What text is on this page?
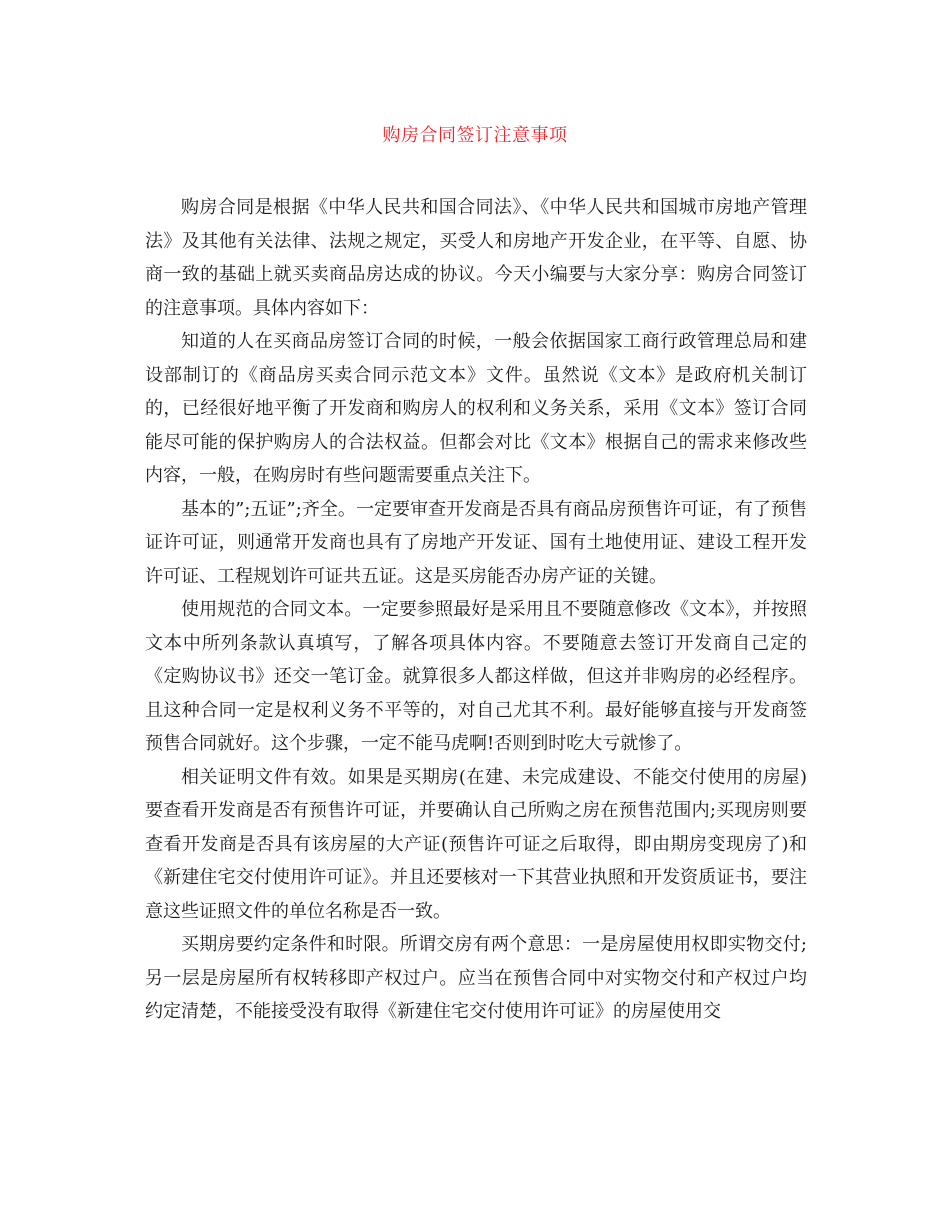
购房合同签订注意事项

购房合同是根据《中华人民共和国合同法》、《中华人民共和国城市房地产管理法》及其他有关法律、法规之规定，买受人和房地产开发企业，在平等、自愿、协商一致的基础上就买卖商品房达成的协议。今天小编要与大家分享：购房合同签订的注意事项。具体内容如下：

知道的人在买商品房签订合同的时候，一般会依据国家工商行政管理总局和建设部制订的《商品房买卖合同示范文本》文件。虽然说《文本》是政府机关制订的，已经很好地平衡了开发商和购房人的权利和义务关系，采用《文本》签订合同能尽可能的保护购房人的合法权益。但都会对比《文本》根据自己的需求来修改些内容，一般，在购房时有些问题需要重点关注下。

基本的”;五证”;齐全。一定要审查开发商是否具有商品房预售许可证，有了预售证许可证，则通常开发商也具有了房地产开发证、国有土地使用证、建设工程开发许可证、工程规划许可证共五证。这是买房能否办房产证的关键。

使用规范的合同文本。一定要参照最好是采用且不要随意修改《文本》，并按照文本中所列条款认真填写，了解各项具体内容。不要随意去签订开发商自己定的《定购协议书》还交一笔订金。就算很多人都这样做，但这并非购房的必经程序。且这种合同一定是权利义务不平等的，对自己尤其不利。最好能够直接与开发商签预售合同就好。这个步骤，一定不能马虎啊!否则到时吃大亏就惨了。

相关证明文件有效。如果是买期房(在建、未完成建设、不能交付使用的房屋)要查看开发商是否有预售许可证，并要确认自己所购之房在预售范围内;买现房则要查看开发商是否具有该房屋的大产证(预售许可证之后取得，即由期房变现房了)和《新建住宅交付使用许可证》。并且还要核对一下其营业执照和开发资质证书，要注意这些证照文件的单位名称是否一致。

买期房要约定条件和时限。所谓交房有两个意思：一是房屋使用权即实物交付;另一层是房屋所有权转移即产权过户。应当在预售合同中对实物交付和产权过户均约定清楚，不能接受没有取得《新建住宅交付使用许可证》的房屋使用交
